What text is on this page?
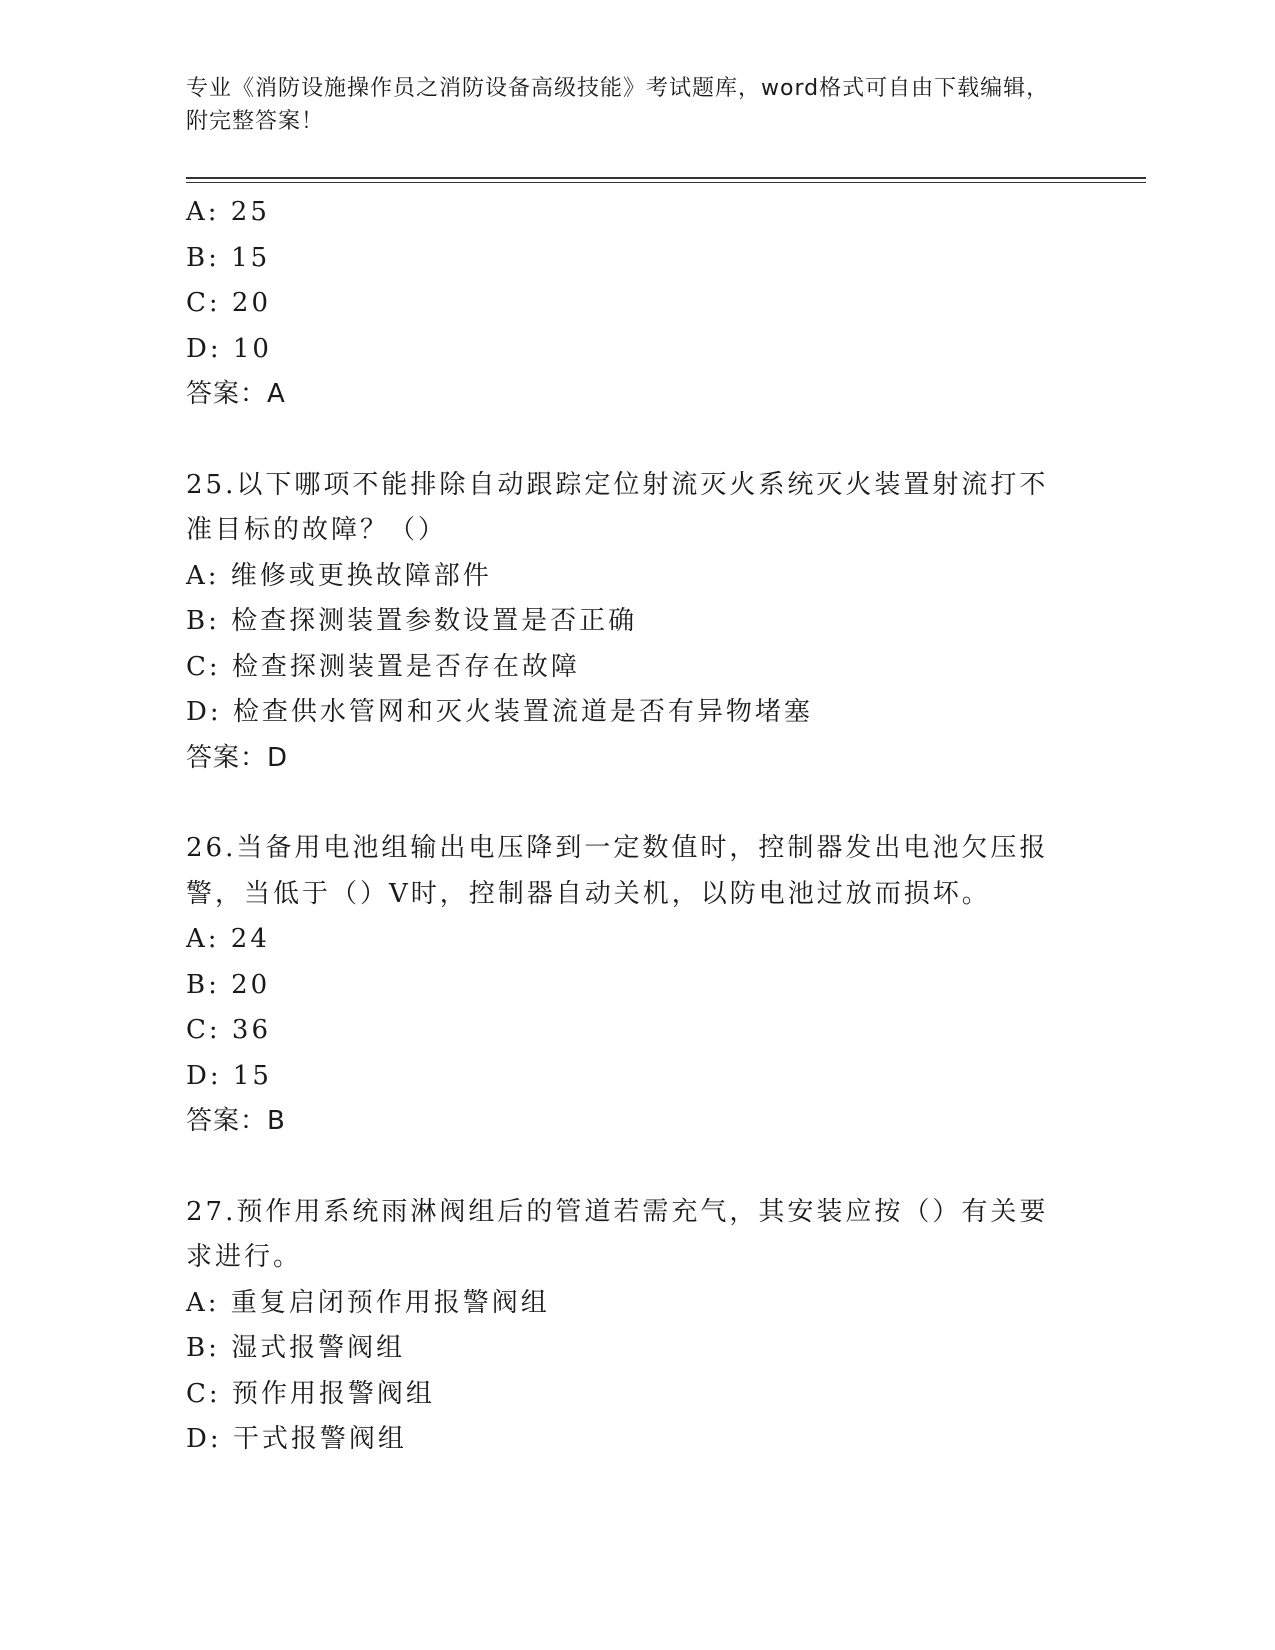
专业《消防设施操作员之消防设备高级技能》考试题库，word格式可自由下载编辑，附完整答案！
A: 25
B: 15
C: 20
D: 10
答案：A
25.以下哪项不能排除自动跟踪定位射流灭火系统灭火装置射流打不准目标的故障？（）
A: 维修或更换故障部件
B: 检查探测装置参数设置是否正确
C: 检查探测装置是否存在故障
D: 检查供水管网和灭火装置流道是否有异物堵塞
答案：D
26.当备用电池组输出电压降到一定数值时，控制器发出电池欠压报警，当低于（）V时，控制器自动关机，以防电池过放而损坏。
A: 24
B: 20
C: 36
D: 15
答案：B
27.预作用系统雨淋阀组后的管道若需充气，其安装应按（）有关要求进行。
A: 重复启闭预作用报警阀组
B: 湿式报警阀组
C: 预作用报警阀组
D: 干式报警阀组
